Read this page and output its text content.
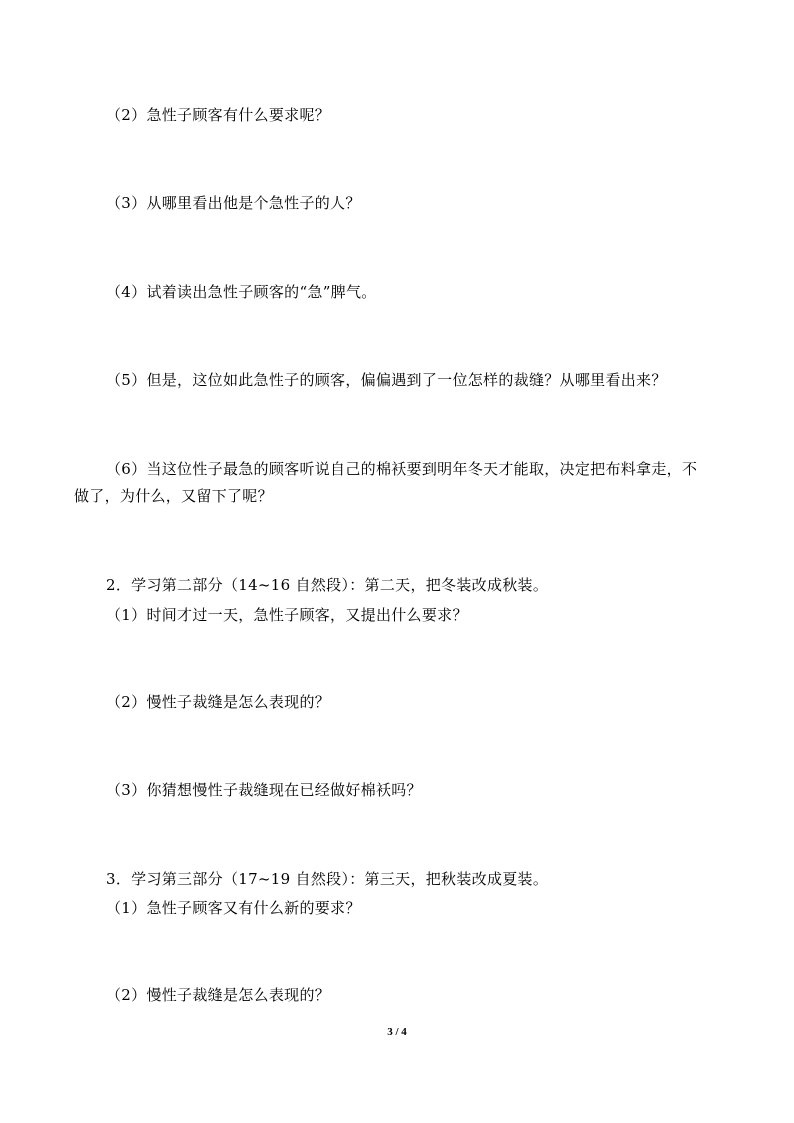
（2）急性子顾客有什么要求呢？
（3）从哪里看出他是个急性子的人？
（4）试着读出急性子顾客的“急”脾气。
（5）但是，这位如此急性子的顾客，偏偏遇到了一位怎样的裁缝？从哪里看出来？
（6）当这位性子最急的顾客听说自己的棉袄要到明年冬天才能取，决定把布料拿走，不
做了，为什么，又留下了呢？
2．学习第二部分（14~16 自然段）：第二天，把冬装改成秋装。
（1）时间才过一天，急性子顾客，又提出什么要求？
（2）慢性子裁缝是怎么表现的？
（3）你猜想慢性子裁缝现在已经做好棉袄吗？
3．学习第三部分（17~19 自然段）：第三天，把秋装改成夏装。
（1）急性子顾客又有什么新的要求？
（2）慢性子裁缝是怎么表现的？
3 / 4
